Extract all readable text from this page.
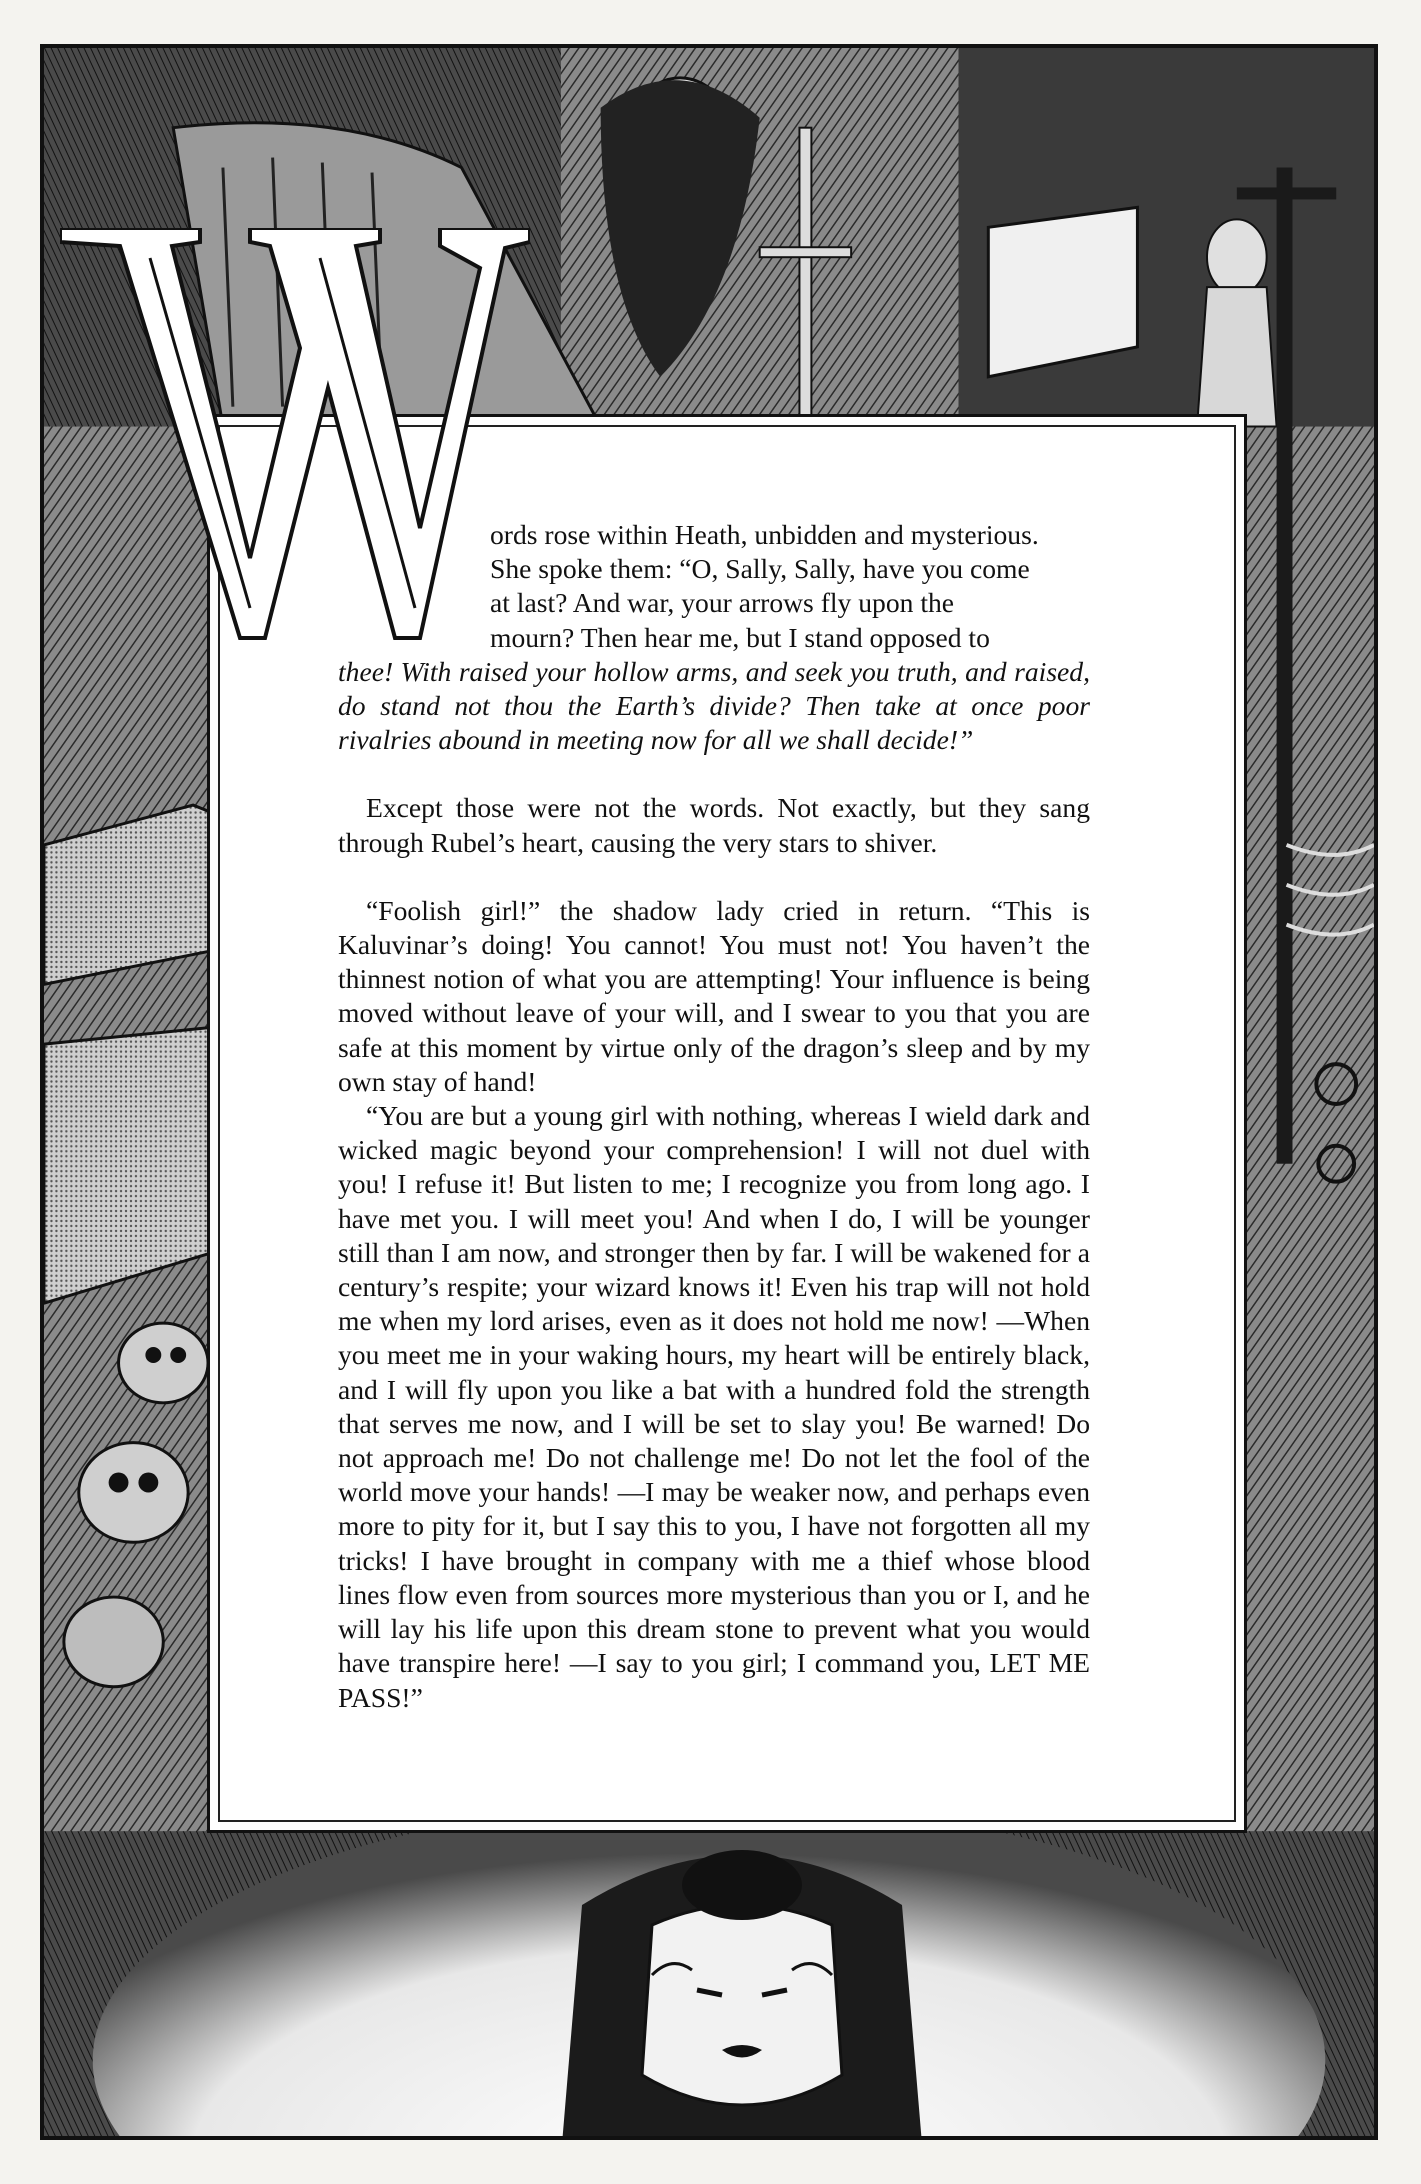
ords rose within Heath, unbidden and mysterious.

She spoke them: “O, Sally, Sally, have you come

at last? And war, your arrows fly upon the

mourn? Then hear me, but I stand opposed to

thee! With raised your hollow arms, and seek you truth, and raised, do stand not thou the Earth’s divide? Then take at once poor rivalries abound in meeting now for all we shall decide!”

Except those were not the words. Not exactly, but they sang through Rubel’s heart, causing the very stars to shiver.

“Foolish girl!” the shadow lady cried in return. “This is Kaluvinar’s doing! You cannot! You must not! You haven’t the thinnest notion of what you are attempting! Your influence is being moved without leave of your will, and I swear to you that you are safe at this moment by virtue only of the dragon’s sleep and by my own stay of hand!

“You are but a young girl with nothing, whereas I wield dark and wicked magic beyond your comprehension! I will not duel with you! I refuse it! But listen to me; I recognize you from long ago. I have met you. I will meet you! And when I do, I will be younger still than I am now, and stronger then by far. I will be wakened for a century’s respite; your wizard knows it! Even his trap will not hold me when my lord arises, even as it does not hold me now! —When you meet me in your waking hours, my heart will be entirely black, and I will fly upon you like a bat with a hundred fold the strength that serves me now, and I will be set to slay you! Be warned! Do not approach me! Do not challenge me! Do not let the fool of the world move your hands! —I may be weaker now, and perhaps even more to pity for it, but I say this to you, I have not forgotten all my tricks! I have brought in company with me a thief whose blood lines flow even from sources more mysterious than you or I, and he will lay his life upon this dream stone to prevent what you would have transpire here! —I say to you girl; I command you, LET ME PASS!”
